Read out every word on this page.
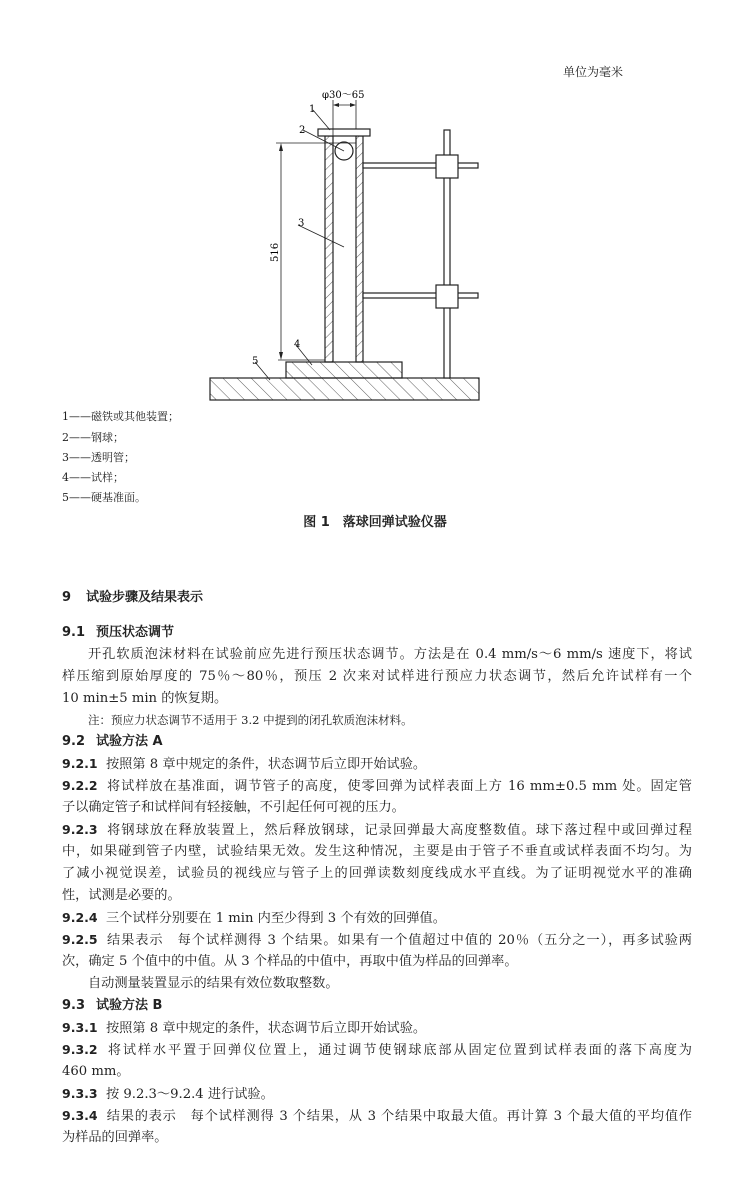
单位为毫米
φ30～65
516
1
2
3
4
5
1——磁铁或其他装置；
2——钢球；
3——透明管；
4——试样；
5——硬基准面。
图 1　落球回弹试验仪器
9 试验步骤及结果表示
9.1 预压状态调节
开孔软质泡沫材料在试验前应先进行预压状态调节。方法是在 0.4 mm/s～6 mm/s 速度下，将试
样压缩到原始厚度的 75％～80％，预压 2 次来对试样进行预应力状态调节，然后允许试样有一个
10 min±5 min 的恢复期。
注：预应力状态调节不适用于 3.2 中提到的闭孔软质泡沫材料。
9.2 试验方法 A
9.2.1 按照第 8 章中规定的条件，状态调节后立即开始试验。
9.2.2 将试样放在基准面，调节管子的高度，使零回弹为试样表面上方 16 mm±0.5 mm 处。固定管
子以确定管子和试样间有轻接触，不引起任何可视的压力。
9.2.3 将钢球放在释放装置上，然后释放钢球，记录回弹最大高度整数值。球下落过程中或回弹过程
中，如果碰到管子内壁，试验结果无效。发生这种情况，主要是由于管子不垂直或试样表面不均匀。为
了减小视觉误差，试验员的视线应与管子上的回弹读数刻度线成水平直线。为了证明视觉水平的准确
性，试测是必要的。
9.2.4 三个试样分别要在 1 min 内至少得到 3 个有效的回弹值。
9.2.5 结果表示　每个试样测得 3 个结果。如果有一个值超过中值的 20％（五分之一），再多试验两
次，确定 5 个值中的中值。从 3 个样品的中值中，再取中值为样品的回弹率。
自动测量装置显示的结果有效位数取整数。
9.3 试验方法 B
9.3.1 按照第 8 章中规定的条件，状态调节后立即开始试验。
9.3.2 将试样水平置于回弹仪位置上，通过调节使钢球底部从固定位置到试样表面的落下高度为
460 mm。
9.3.3 按 9.2.3～9.2.4 进行试验。
9.3.4 结果的表示　每个试样测得 3 个结果，从 3 个结果中取最大值。再计算 3 个最大值的平均值作
为样品的回弹率。
